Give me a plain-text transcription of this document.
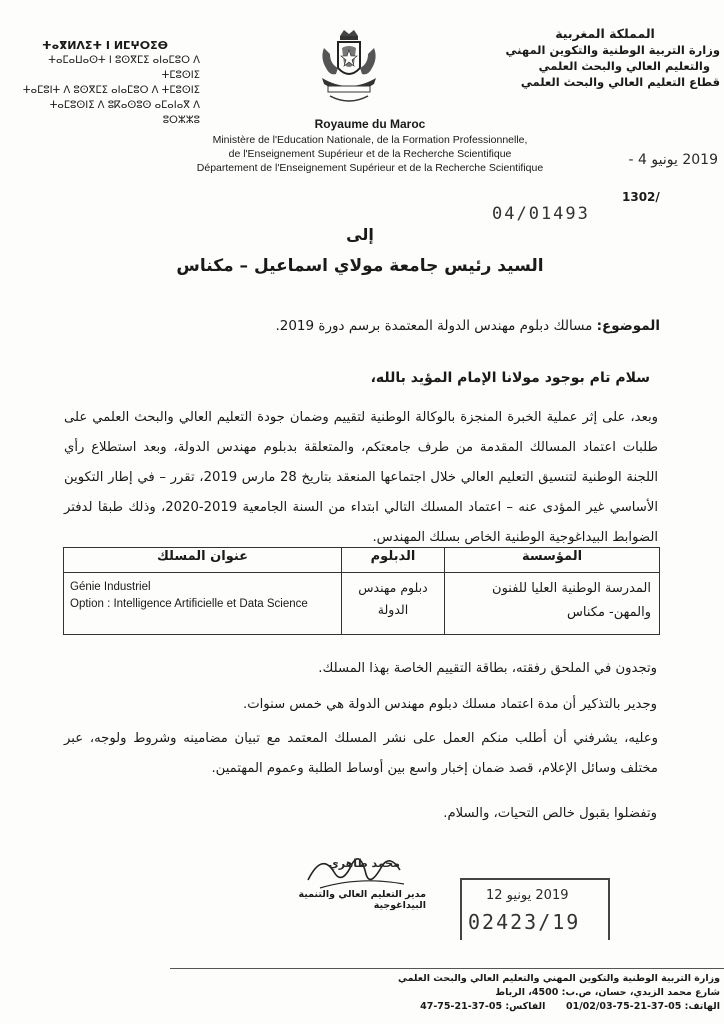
ⵜⴰⴳⵍⴷⵉⵜ ⵏ ⵍⵎⵖⵔⵉⴱ
ⵜⴰⵎⴰⵡⴰⵙⵜ ⵏ ⵓⵙⴳⵎⵉ ⴰⵏⴰⵎⵓⵔ ⴷ ⵜⵎⵓⵙⵏⵉ
ⵜⴰⵎⵓⵏⵜ ⴷ ⵓⵙⴳⵎⵉ ⴰⵏⴰⵎⵓⵔ ⴷ ⵜⵎⵓⵙⵏⵉ
ⵜⴰⵎⵓⵙⵏⵉ ⴷ ⵓⴽⴰⵙⵓⵙ ⴰⵎⴰⵏⴰⴳ ⴷ ⵓⵔⵣⵣⵓ
المملكة المغربية
وزارة التربية الوطنية والتكوين المهني
والتعليم العالي والبحث العلمي
قطاع التعليم العالي والبحث العلمي
Royaume du Maroc
Ministère de l'Education Nationale, de la Formation Professionnelle,
de l'Enseignement Supérieur et de la Recherche Scientifique
Département de l'Enseignement Supérieur et de la Recherche Scientifique	2019 يونيو 4 -
1302/
04/01493
إلى
السيد رئيس جامعة مولاي اسماعيل – مكناس
الموضوع: مسالك دبلوم مهندس الدولة المعتمدة برسم دورة 2019.
سلام تام بوجود مولانا الإمام المؤيد بالله،
وبعد، على إثر عملية الخبرة المنجزة بالوكالة الوطنية لتقييم وضمان جودة التعليم العالي والبحث العلمي على طلبات اعتماد المسالك المقدمة من طرف جامعتكم، والمتعلقة بدبلوم مهندس الدولة، وبعد استطلاع رأي اللجنة الوطنية لتنسيق التعليم العالي خلال اجتماعها المنعقد بتاريخ 28 مارس 2019، تقرر – في إطار التكوين الأساسي غير المؤدى عنه – اعتماد المسلك التالي ابتداء من السنة الجامعية 2019-2020، وذلك طبقا لدفتر الضوابط البيداغوجية الوطنية الخاص بسلك المهندس.
عنوان المسلك	الدبلوم	المؤسسة

Génie Industriel
Option : Intelligence Artificielle et Data Science	دبلوم مهندس الدولة	المدرسة الوطنية العليا للفنون والمهن- مكناس
وتجدون في الملحق رفقته، بطاقة التقييم الخاصة بهذا المسلك.
وجدير بالتذكير أن مدة اعتماد مسلك دبلوم مهندس الدولة هي خمس سنوات.
وعليه، يشرفني أن أطلب منكم العمل على نشر المسلك المعتمد مع تبيان مضامينه وشروط ولوجه، عبر مختلف وسائل الإعلام، قصد ضمان إخبار واسع بين أوساط الطلبة وعموم المهتمين.
وتفضلوا بقبول خالص التحيات، والسلام.
محمد طاهري
مدير التعليم العالي والتنمية البيداغوجية
2019 يونيو 12
02423/19
وزارة التربية الوطنية والتكوين المهني والتعليم العالي والبحث العلمي
شارع محمد الزيدي، حسان، ص.ب: 4500، الرباط
الهاتف: 05-37-21-75-01/02/03  الفاكس: 05-37-21-75-47
